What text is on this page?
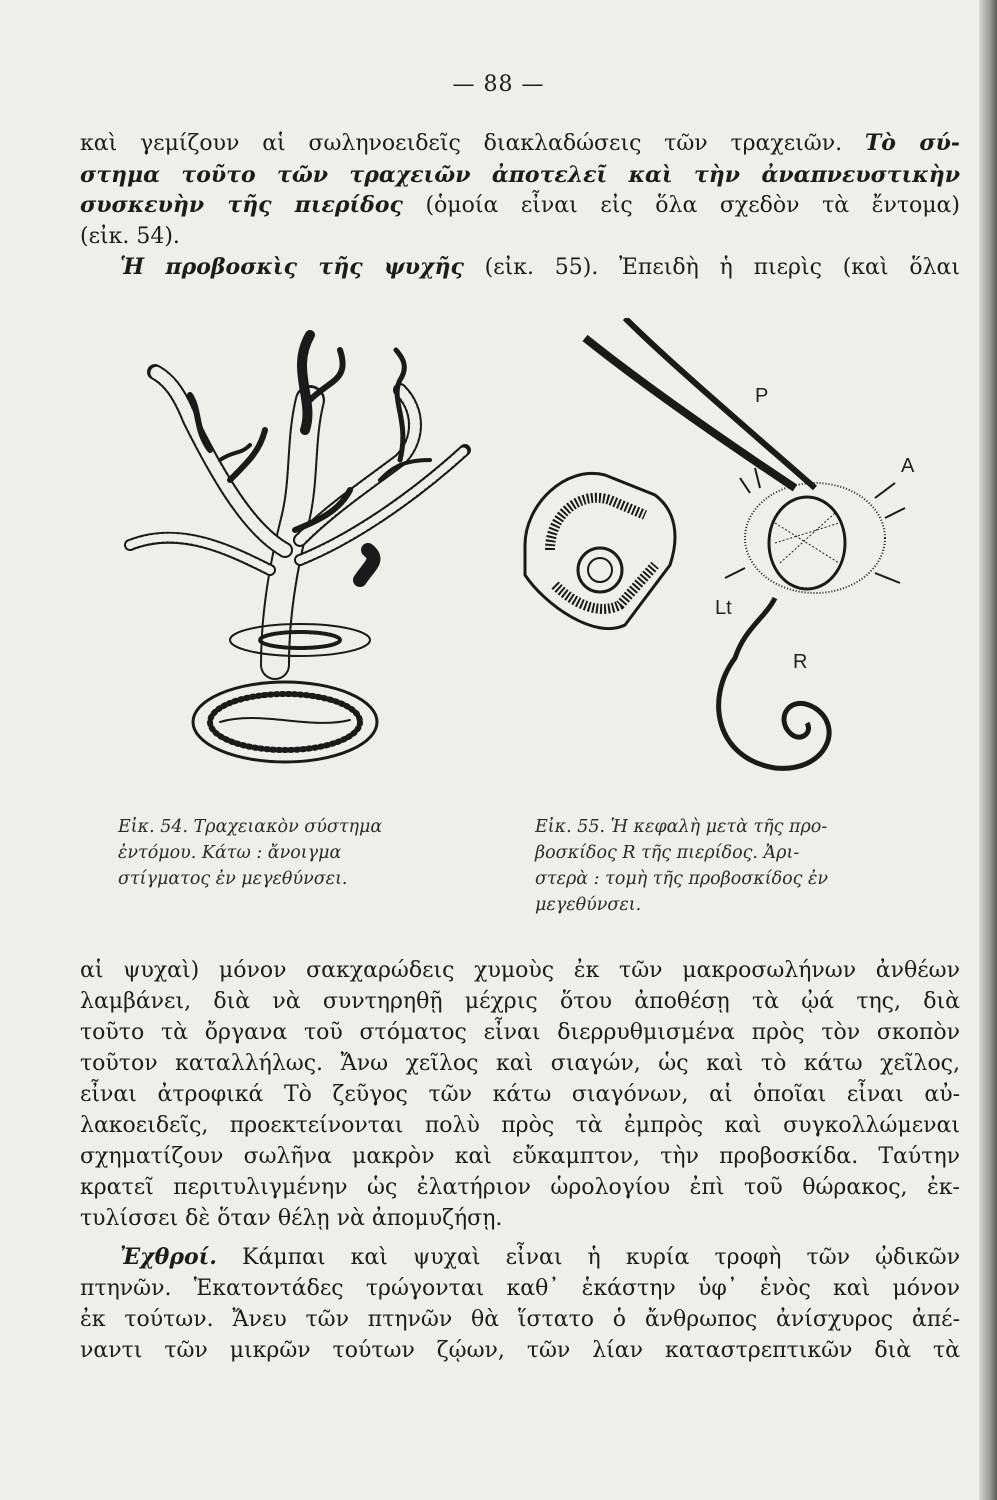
— 88 —
καὶ γεμίζουν αἱ σωληνοειδεῖς διακλαδώσεις τῶν τραχειῶν. Τὸ σύ-
στημα τοῦτο τῶν τραχειῶν ἀποτελεῖ καὶ τὴν ἀναπνευστικὴν
συσκευὴν τῆς πιερίδος (ὁμοία εἶναι εἰς ὅλα σχεδὸν τὰ ἔντομα)
(εἰκ. 54).
Ἡ προβοσκὶς τῆς ψυχῆς (εἰκ. 55). Ἐπειδὴ ἡ πιερὶς (καὶ ὅλαι
P
A
Lt
R
Εἰκ. 54. Τραχειακὸν σύστημα
ἐντόμου. Κάτω : ἄνοιγμα
στίγματος ἐν μεγεθύνσει.
Εἰκ. 55. Ἡ κεφαλὴ μετὰ τῆς προ-
βοσκίδος R τῆς πιερίδος. Ἀρι-
στερὰ : τομὴ τῆς προβοσκίδος ἐν
μεγεθύνσει.
αἱ ψυχαὶ) μόνον σακχαρώδεις χυμοὺς ἐκ τῶν μακροσωλήνων ἀνθέων
λαμβάνει, διὰ νὰ συντηρηθῇ μέχρις ὅτου ἀποθέσῃ τὰ ᾠά της, διὰ
τοῦτο τὰ ὄργανα τοῦ στόματος εἶναι διερρυθμισμένα πρὸς τὸν σκοπὸν
τοῦτον καταλλήλως. Ἄνω χεῖλος καὶ σιαγών, ὡς καὶ τὸ κάτω χεῖλος,
εἶναι ἀτροφικά Τὸ ζεῦγος τῶν κάτω σιαγόνων, αἱ ὁποῖαι εἶναι αὐ-
λακοειδεῖς, προεκτείνονται πολὺ πρὸς τὰ ἐμπρὸς καὶ συγκολλώμεναι
σχηματίζουν σωλῆνα μακρὸν καὶ εὔκαμπτον, τὴν προβοσκίδα. Ταύτην
κρατεῖ περιτυλιγμένην ὡς ἐλατήριον ὡρολογίου ἐπὶ τοῦ θώρακος, ἐκ-
τυλίσσει δὲ ὅταν θέλῃ νὰ ἀπομυζήσῃ.
Ἐχθροί. Κάμπαι καὶ ψυχαὶ εἶναι ἡ κυρία τροφὴ τῶν ᾠδικῶν
πτηνῶν. Ἑκατοντάδες τρώγονται καθ᾽ ἑκάστην ὑφ᾽ ἑνὸς καὶ μόνον
ἐκ τούτων. Ἄνευ τῶν πτηνῶν θὰ ἵστατο ὁ ἄνθρωπος ἀνίσχυρος ἀπέ-
ναντι τῶν μικρῶν τούτων ζῴων, τῶν λίαν καταστρεπτικῶν διὰ τὰ
